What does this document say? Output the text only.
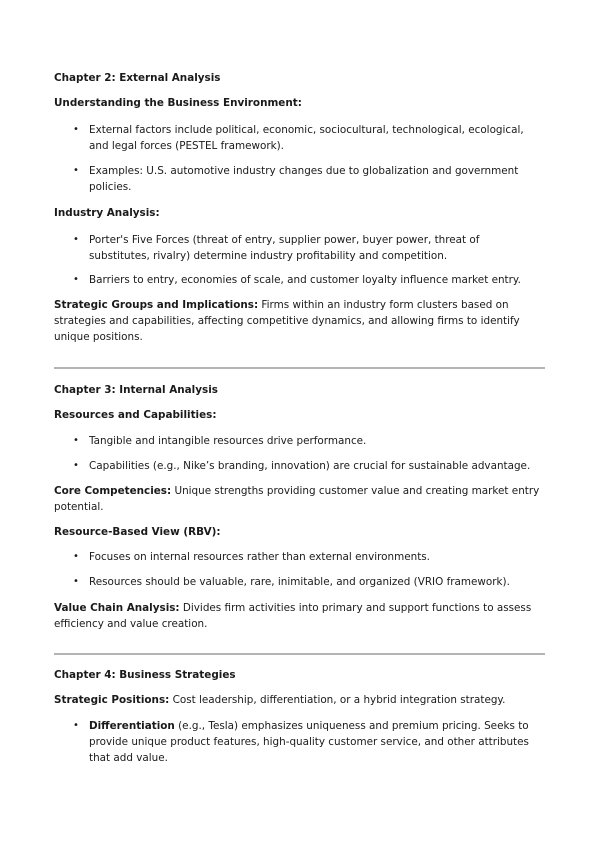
Chapter 2: External Analysis

Understanding the Business Environment:

• External factors include political, economic, sociocultural, technological, ecological, and legal forces (PESTEL framework).

• Examples: U.S. automotive industry changes due to globalization and government policies.

Industry Analysis:

• Porter's Five Forces (threat of entry, supplier power, buyer power, threat of substitutes, rivalry) determine industry profitability and competition.

• Barriers to entry, economies of scale, and customer loyalty influence market entry.

Strategic Groups and Implications: Firms within an industry form clusters based on strategies and capabilities, affecting competitive dynamics, and allowing firms to identify unique positions.

Chapter 3: Internal Analysis

Resources and Capabilities:

• Tangible and intangible resources drive performance.

• Capabilities (e.g., Nike’s branding, innovation) are crucial for sustainable advantage.

Core Competencies: Unique strengths providing customer value and creating market entry potential.

Resource-Based View (RBV):

• Focuses on internal resources rather than external environments.

• Resources should be valuable, rare, inimitable, and organized (VRIO framework).

Value Chain Analysis: Divides firm activities into primary and support functions to assess efficiency and value creation.

Chapter 4: Business Strategies

Strategic Positions: Cost leadership, differentiation, or a hybrid integration strategy.

• Differentiation (e.g., Tesla) emphasizes uniqueness and premium pricing. Seeks to provide unique product features, high-quality customer service, and other attributes that add value.
